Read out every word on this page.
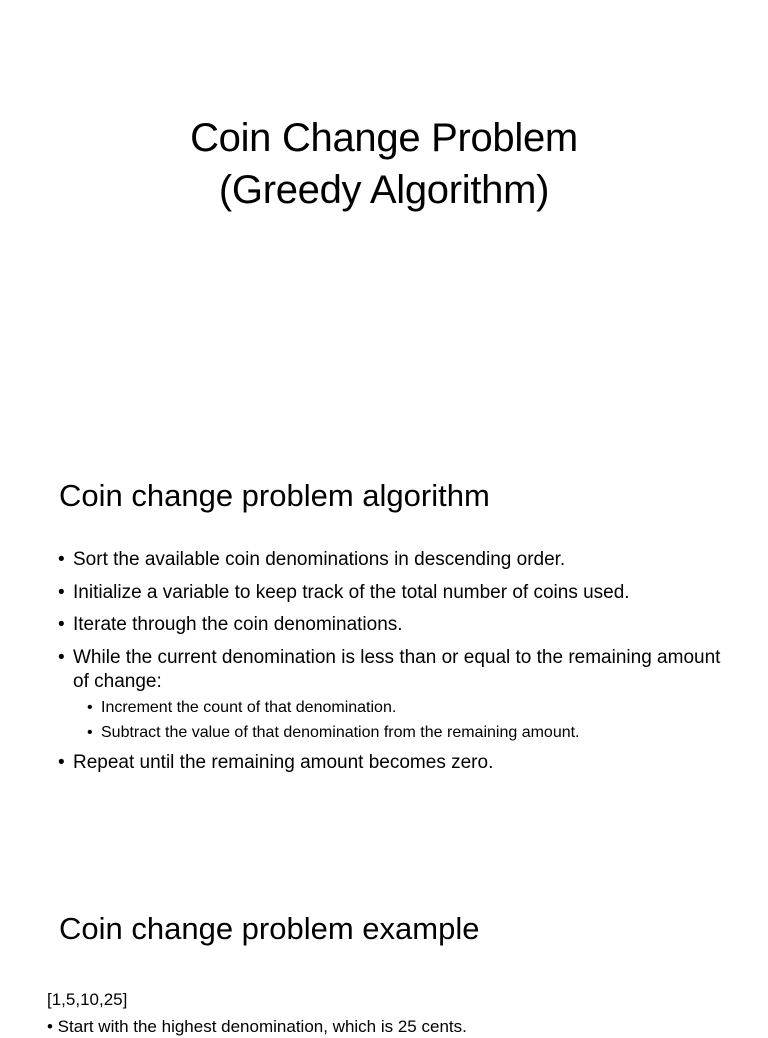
Coin Change Problem
(Greedy Algorithm)
Coin change problem algorithm
• Sort the available coin denominations in descending order.
• Initialize a variable to keep track of the total number of coins used.
• Iterate through the coin denominations.
• While the current denomination is less than or equal to the remaining amount of change:
• Increment the count of that denomination.
• Subtract the value of that denomination from the remaining amount.
• Repeat until the remaining amount becomes zero.
Coin change problem example
[1,5,10,25]
• Start with the highest denomination, which is 25 cents.
